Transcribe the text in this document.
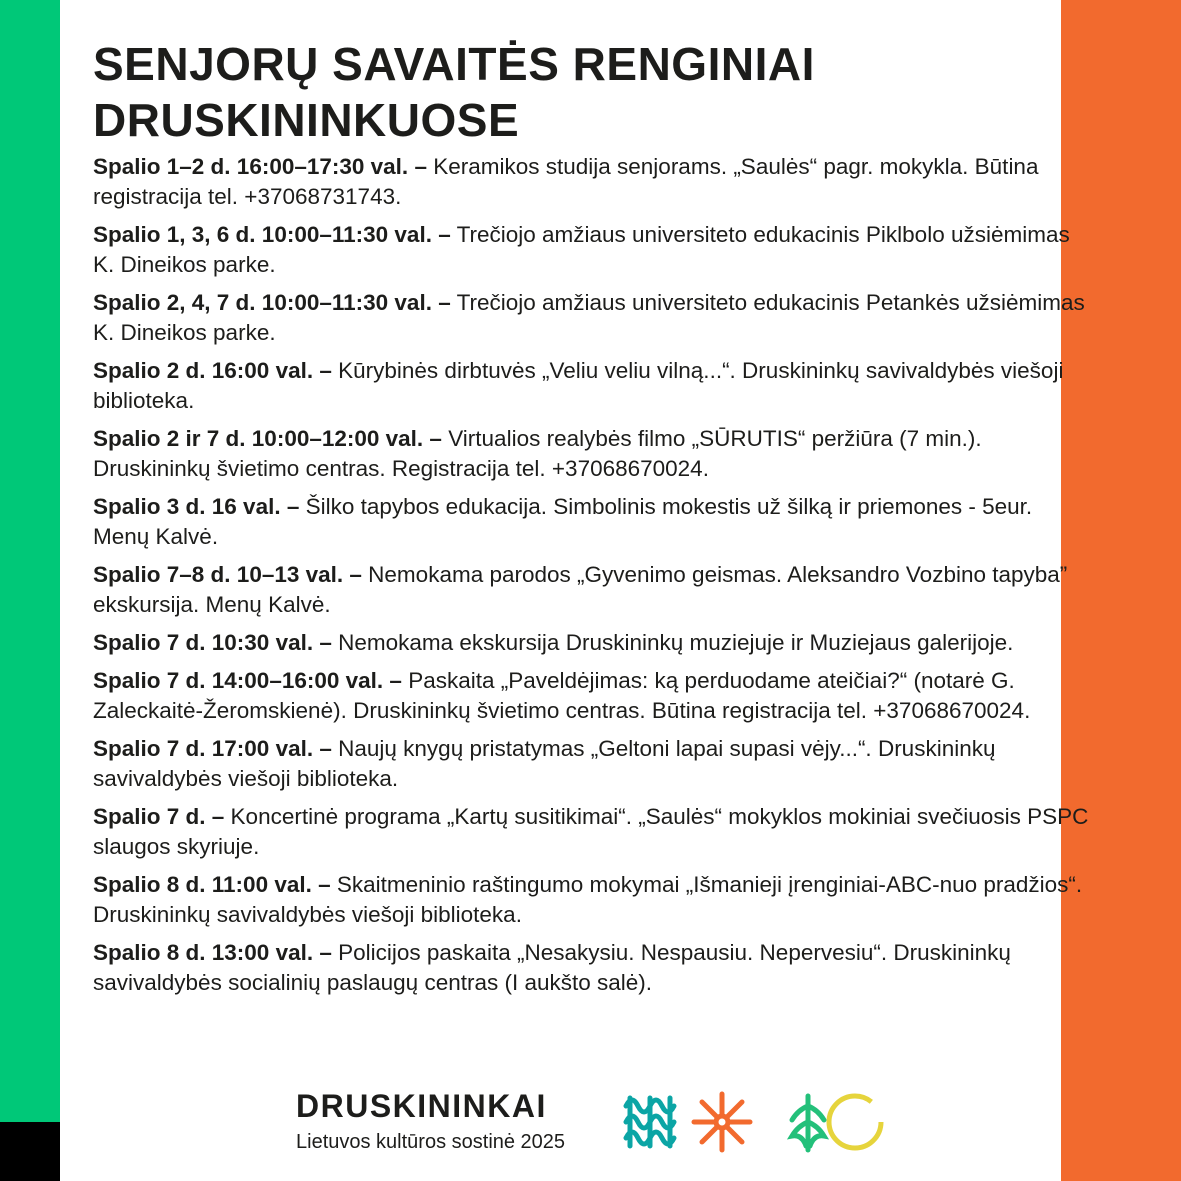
SENJORŲ SAVAITĖS RENGINIAI DRUSKININKUOSE

Spalio 1–2 d. 16:00–17:30 val. – Keramikos studija senjorams. „Saulės“ pagr. mokykla. Būtina registracija tel. +37068731743.

Spalio 1, 3, 6 d. 10:00–11:30 val. – Trečiojo amžiaus universiteto edukacinis Piklbolo užsiėmimas K. Dineikos parke.

Spalio 2, 4, 7 d. 10:00–11:30 val. – Trečiojo amžiaus universiteto edukacinis Petankės užsiėmimas K. Dineikos parke.

Spalio 2 d. 16:00 val. – Kūrybinės dirbtuvės „Veliu veliu vilną...“. Druskininkų savivaldybės viešoji biblioteka.

Spalio 2 ir 7 d. 10:00–12:00 val. – Virtualios realybės filmo „SŪRUTIS“ peržiūra (7 min.). Druskininkų švietimo centras. Registracija tel. +37068670024.

Spalio 3 d. 16 val. – Šilko tapybos edukacija. Simbolinis mokestis už šilką ir priemones - 5eur. Menų Kalvė.

Spalio 7–8 d. 10–13 val. – Nemokama parodos „Gyvenimo geismas. Aleksandro Vozbino tapyba” ekskursija. Menų Kalvė.

Spalio 7 d. 10:30 val. – Nemokama ekskursija Druskininkų muziejuje ir Muziejaus galerijoje.

Spalio 7 d. 14:00–16:00 val. – Paskaita „Paveldėjimas: ką perduodame ateičiai?“ (notarė G. Zaleckaitė-Žeromskienė). Druskininkų švietimo centras. Būtina registracija tel. +37068670024.

Spalio 7 d. 17:00 val. – Naujų knygų pristatymas „Geltoni lapai supasi vėjy...“. Druskininkų savivaldybės viešoji biblioteka.

Spalio 7 d. – Koncertinė programa „Kartų susitikimai“. „Saulės“ mokyklos mokiniai svečiuosis PSPC slaugos skyriuje.

Spalio 8 d. 11:00 val. – Skaitmeninio raštingumo mokymai „Išmanieji įrenginiai-ABC-nuo pradžios“. Druskininkų savivaldybės viešoji biblioteka.

Spalio 8 d. 13:00 val. – Policijos paskaita „Nesakysiu. Nespausiu. Nepervesiu“. Druskininkų savivaldybės socialinių paslaugų centras (I aukšto salė).

DRUSKININKAI
Lietuvos kultūros sostinė 2025
